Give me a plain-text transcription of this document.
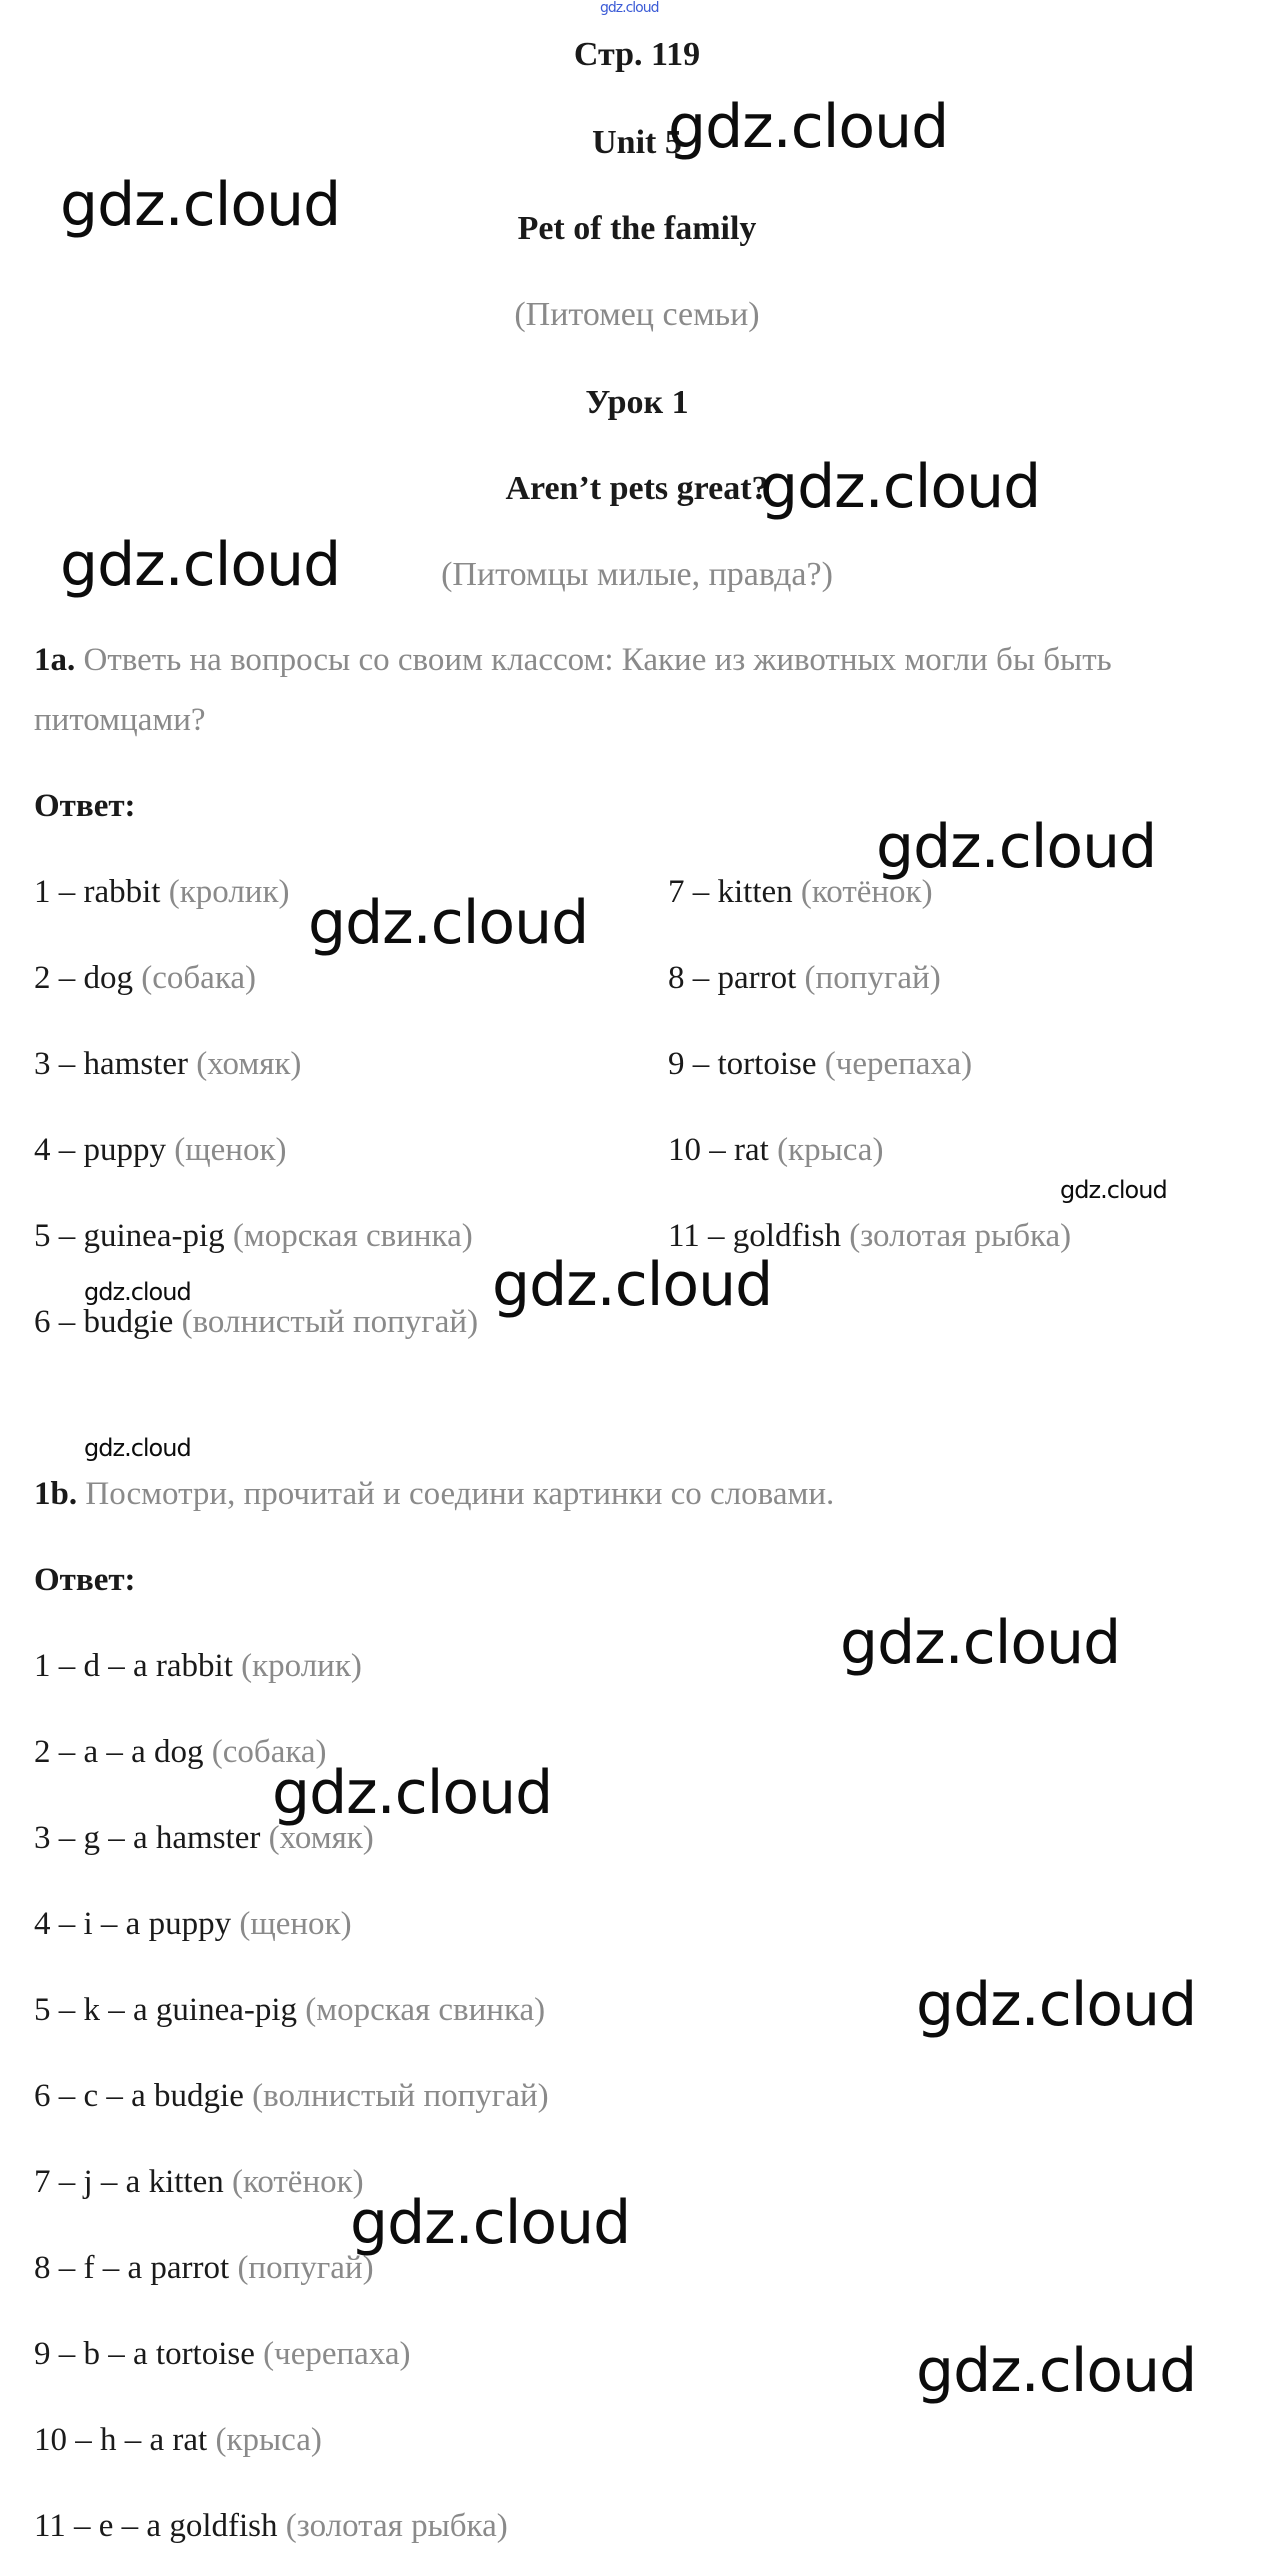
Стр. 119
Unit 5
Pet of the family
(Питомец семьи)
Урок 1
Aren’t pets great?
(Питомцы милые, правда?)
1a. Ответь на вопросы со своим классом: Какие из животных могли бы быть
питомцами?
Ответ:
1 – rabbit (кролик)
2 – dog (собака)
3 – hamster (хомяк)
4 – puppy (щенок)
5 – guinea-pig (морская свинка)
6 – budgie (волнистый попугай)
7 – kitten (котёнок)
8 – parrot (попугай)
9 – tortoise (черепаха)
10 – rat (крыса)
11 – goldfish (золотая рыбка)
1b. Посмотри, прочитай и соедини картинки со словами.
Ответ:
1 – d – a rabbit (кролик)
2 – a – a dog (собака)
3 – g – a hamster (хомяк)
4 – i – a puppy (щенок)
5 – k – a guinea-pig (морская свинка)
6 – c – a budgie (волнистый попугай)
7 – j – a kitten (котёнок)
8 – f – a parrot (попугай)
9 – b – a tortoise (черепаха)
10 – h – a rat (крыса)
11 – e – a goldfish (золотая рыбка)
gdz.cloud
gdz.cloud
gdz.cloud
gdz.cloud
gdz.cloud
gdz.cloud
gdz.cloud
gdz.cloud
gdz.cloud
gdz.cloud
gdz.cloud
gdz.cloud
gdz.cloud
gdz.cloud
gdz.cloud
gdz.cloud
